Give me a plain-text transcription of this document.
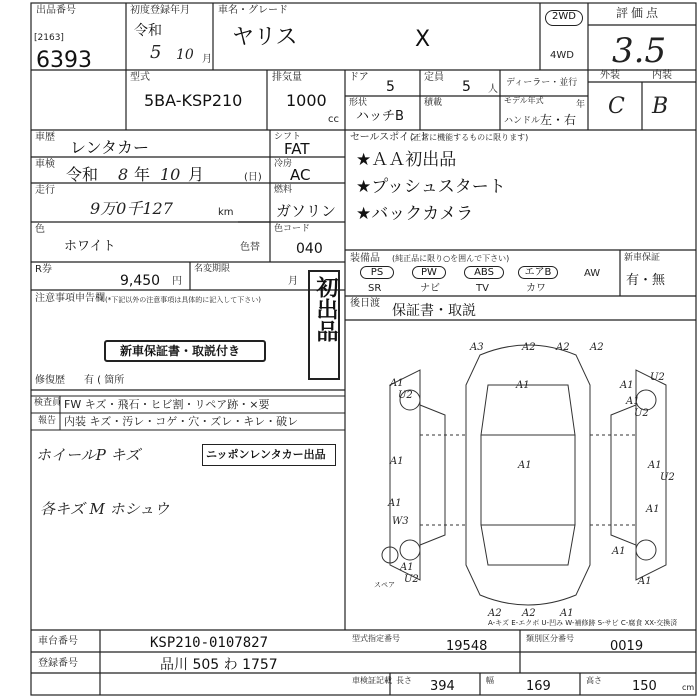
出品番号
[2163]
6393
初度登録年月
令和
5 10 月
車名・グレード
ヤリス	X
2WD
4WD
評価点
3.5
外装	内装
C B
型式
5BA-KSP210
排気量
1000
cc
ドア
5
定員
5 人
形状
ハッチB
積載
ディーラー・並行
モデル年式	年
ハンドル 左・右
車歴
レンタカー
シフト
FAT
車検
令和 8 年 10 月	(日)
冷房
AC
走行
9万0千127	km
燃料
ガソリン
色
ホワイト	色替
色コード
040
R券
9,450 円
名変期限
月 初出品
注意事項申告欄 (*下記以外の注意事項は具体的に記入して下さい)
新車保証書・取説付き
修復歴 有 ( 箇所
検査員
報告
FW キズ・飛石・ヒビ割・リペア跡・×要
内装 キズ・汚レ・コゲ・穴・ズレ・キレ・破レ
ホイールP キズ	ニッポンレンタカー出品
各キズ M ホシュウ
セールスポイント
(正常に機能するものに限ります)
★ＡＡ初出品
★プッシュスタート
★バックカメラ
装備品 (純正品に限り○を囲んで下さい)
PS	PW	ABS	エアB	AW
SR	ナビ	TV	カワ
新車保証
有・無
後日渡 保証書・取説
A3	A2 A2 A2
A1
U2
A1	A1
A1	A1	A1
U2
A1
A1
W3
A1
U2	A1
A2 A2 A1
A1
U2
A1
U2
スペア
A-キズ E-エクボ U-凹み W-補修跡 S-サビ C-腐食 XX-交換済
車台番号	KSP210-0107827
登録番号	品川 505 わ 1757
型式指定番号
19548
類別区分番号
0019
車検証記載 長さ 394	幅 169	高さ 150	cm
